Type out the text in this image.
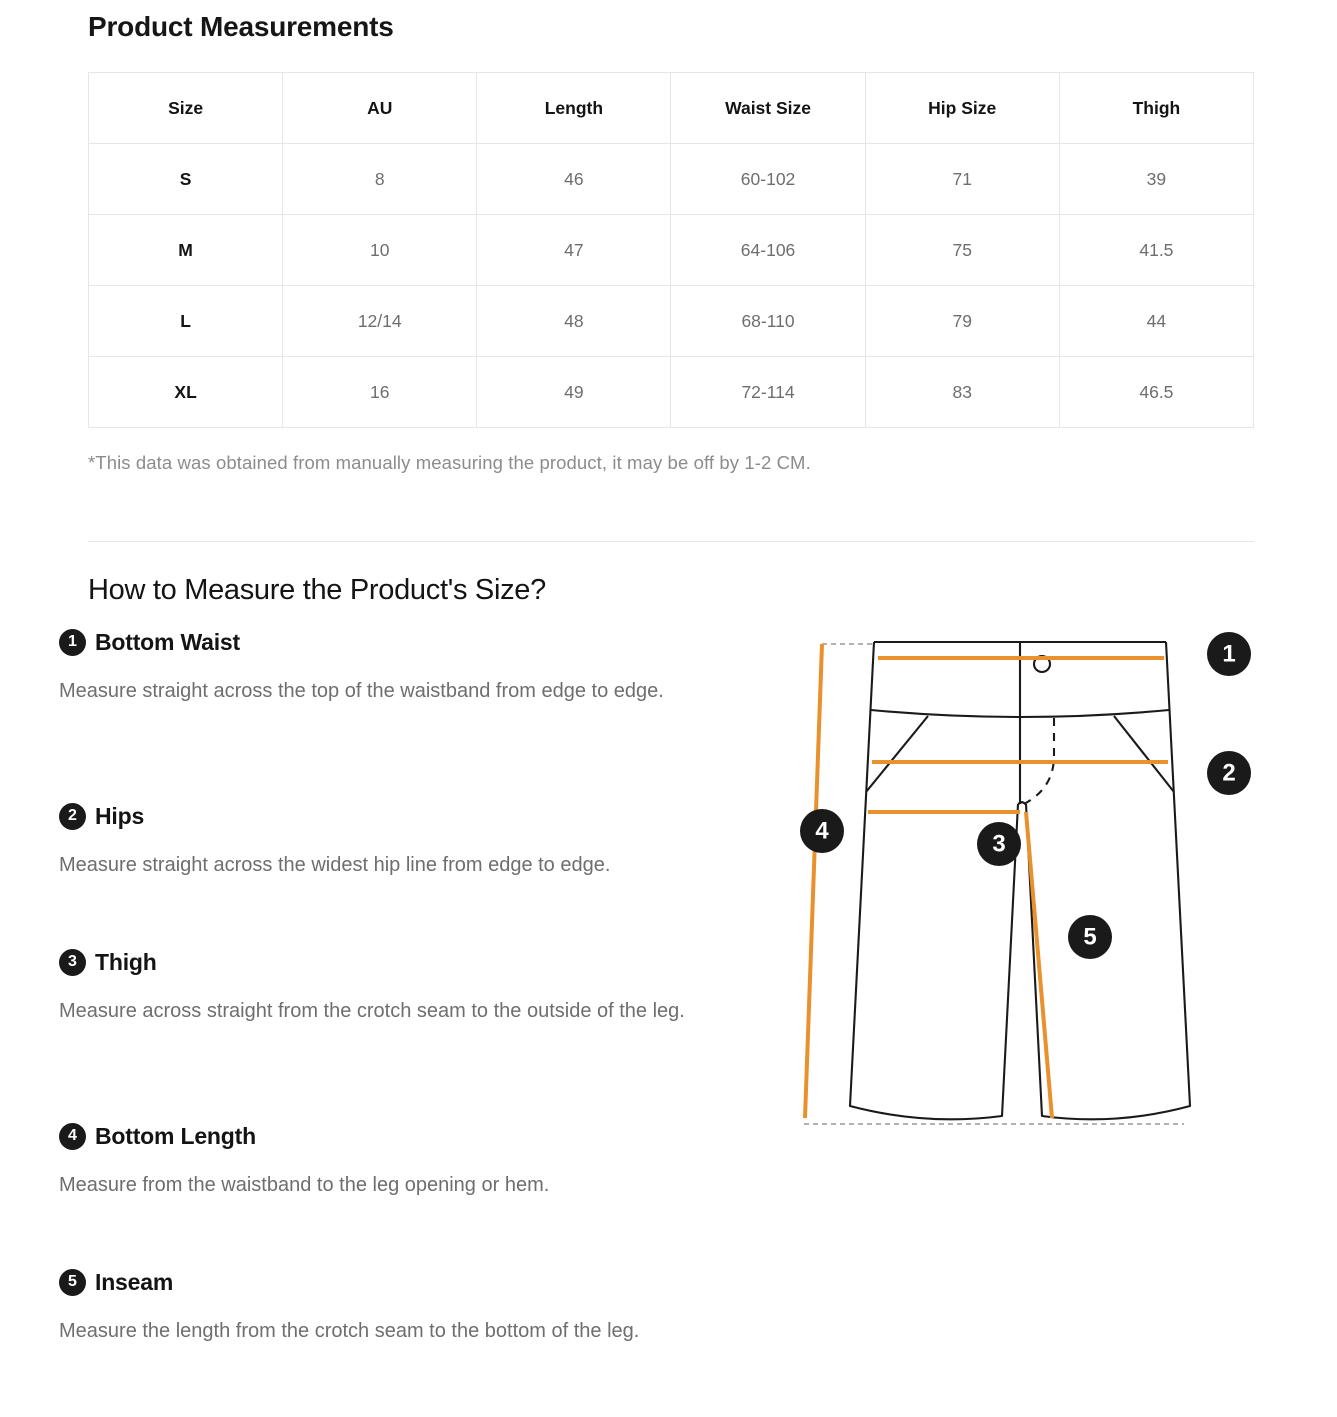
Product Measurements
Size	AU	Length	Waist Size	Hip Size	Thigh
S	8	46	60-102	71	39
M	10	47	64-106	75	41.5
L	12/14	48	68-110	79	44
XL	16	49	72-114	83	46.5
*This data was obtained from manually measuring the product, it may be off by 1-2 CM.
How to Measure the Product's Size?
1 Bottom Waist
Measure straight across the top of the waistband from edge to edge.
2 Hips
Measure straight across the widest hip line from edge to edge.
3 Thigh
Measure across straight from the crotch seam to the outside of the leg.
4 Bottom Length
Measure from the waistband to the leg opening or hem.
5 Inseam
Measure the length from the crotch seam to the bottom of the leg.
1
2
3
4
5
